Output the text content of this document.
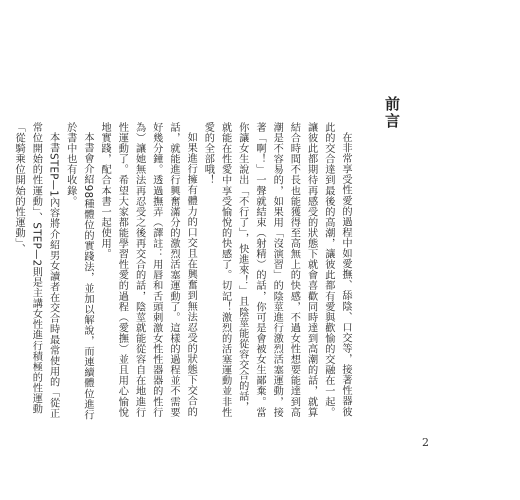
前言

在非常享受性愛的過程中如愛撫、舔陰、口交等，接著性器彼此的交合達到最後的高潮，讓彼此都有愛與歡愉的交融在一起。讓彼此都期待再感受的狀態下就會喜歡同時達到高潮的話，就算結合時間不長也能獲得至高無上的快感，不過女性想要能達到高潮是不容易的，如果用「沒演習」的陰莖進行激烈活塞運動，接著「啊！」一聲就結束（射精）的話，你可是會被女生鄙棄。當你讓女生說出「不行了」，快進來！」且陰莖能從容交合的話，就能在性愛中享受愉悅的快感了。切記！激烈的活塞運動並非性愛的全部哦！

如果進行擁有體力的口交且在興奮到無法忍受的狀態下交合的話，就能進行興奮滿分的激烈活塞運動了。這樣的過程並不需要好幾分鐘。透過撫弄（譯註：用唇和舌頭刺激女性性器器的性行為）讓她無法再忍受之後再交合的話，陰莖就能從容自在地進行性運動了。希望大家都能學習性愛的過程（愛撫）並且用心愉悅地實踐，配合本書一起使用。

本書會介紹98種體位的實踐法，並加以解說，而連續體位進行於書中也有收錄。

本書STEP—1內容將介紹男女讀者在交合時最常使用的「從正常位開始的性運動」、STEP—2則是主講女性進行積極的性運動「從騎乘位開始的性運動」、

2
